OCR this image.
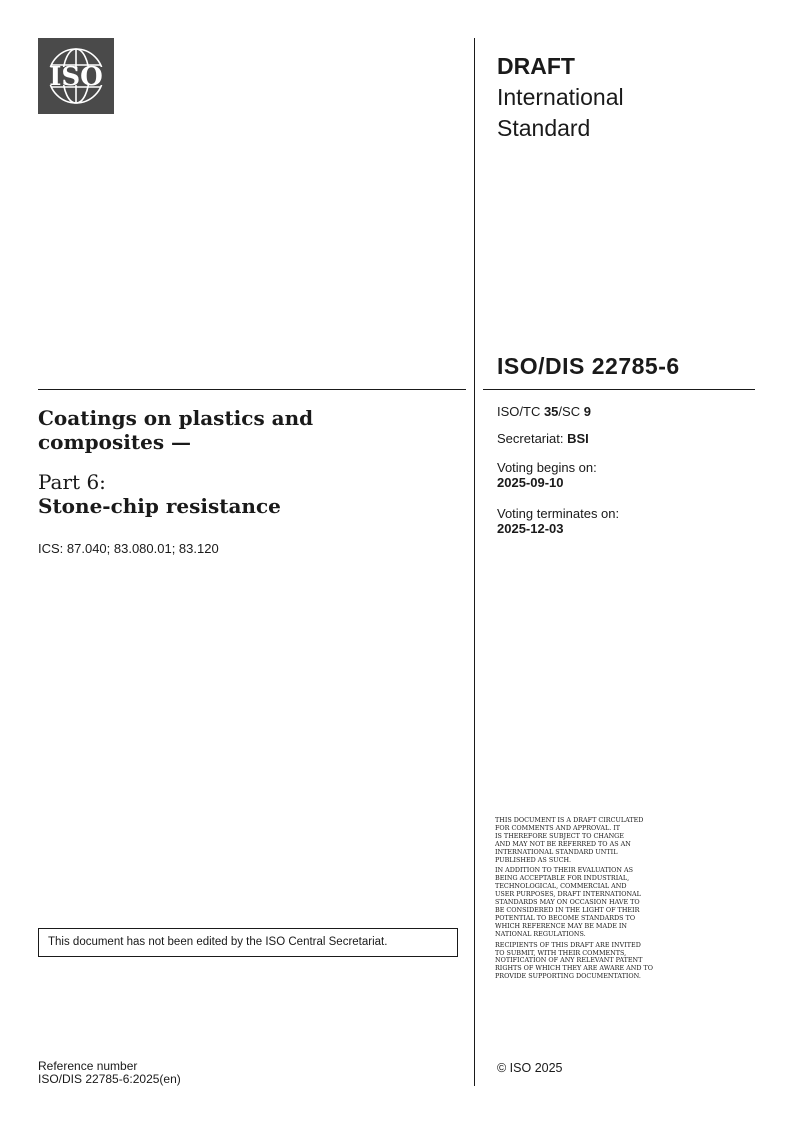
ISO	DRAFT
International
Standard
ISO/DIS 22785-6
Coatings on plastics and
composites —
Part 6:
Stone-chip resistance
ICS: 87.040; 83.080.01; 83.120
ISO/TC 35/SC 9
Secretariat: BSI
Voting begins on:
2025-09-10
Voting terminates on:
2025-12-03
This document has not been edited by the ISO Central Secretariat.
Reference number
ISO/DIS 22785-6:2025(en)

THIS DOCUMENT IS A DRAFT CIRCULATED
FOR COMMENTS AND APPROVAL. IT
IS THEREFORE SUBJECT TO CHANGE
AND MAY NOT BE REFERRED TO AS AN
INTERNATIONAL STANDARD UNTIL
PUBLISHED AS SUCH.

IN ADDITION TO THEIR EVALUATION AS
BEING ACCEPTABLE FOR INDUSTRIAL,
TECHNOLOGICAL, COMMERCIAL AND
USER PURPOSES, DRAFT INTERNATIONAL
STANDARDS MAY ON OCCASION HAVE TO
BE CONSIDERED IN THE LIGHT OF THEIR
POTENTIAL TO BECOME STANDARDS TO
WHICH REFERENCE MAY BE MADE IN
NATIONAL REGULATIONS.

RECIPIENTS OF THIS DRAFT ARE INVITED
TO SUBMIT, WITH THEIR COMMENTS,
NOTIFICATION OF ANY RELEVANT PATENT
RIGHTS OF WHICH THEY ARE AWARE AND TO
PROVIDE SUPPORTING DOCUMENTATION.

© ISO 2025
